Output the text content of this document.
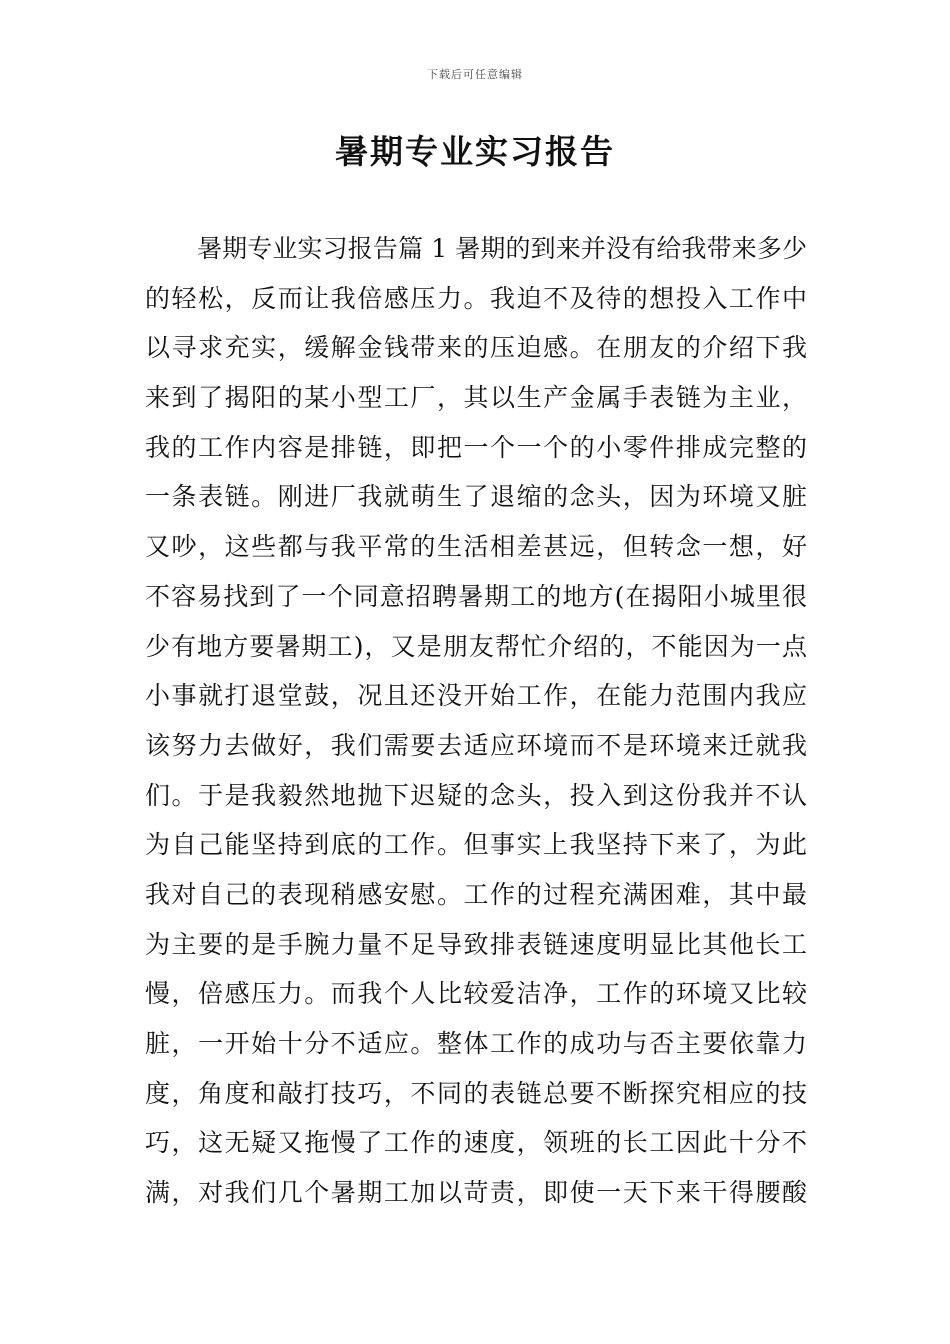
下载后可任意编辑
暑期专业实习报告
暑期专业实习报告篇 1 暑期的到来并没有给我带来多少
的轻松，反而让我倍感压力。我迫不及待的想投入工作中
以寻求充实，缓解金钱带来的压迫感。在朋友的介绍下我
来到了揭阳的某小型工厂，其以生产金属手表链为主业，
我的工作内容是排链，即把一个一个的小零件排成完整的
一条表链。刚进厂我就萌生了退缩的念头，因为环境又脏
又吵，这些都与我平常的生活相差甚远，但转念一想，好
不容易找到了一个同意招聘暑期工的地方(在揭阳小城里很
少有地方要暑期工)，又是朋友帮忙介绍的，不能因为一点
小事就打退堂鼓，况且还没开始工作，在能力范围内我应
该努力去做好，我们需要去适应环境而不是环境来迁就我
们。于是我毅然地抛下迟疑的念头，投入到这份我并不认
为自己能坚持到底的工作。但事实上我坚持下来了，为此
我对自己的表现稍感安慰。工作的过程充满困难，其中最
为主要的是手腕力量不足导致排表链速度明显比其他长工
慢，倍感压力。而我个人比较爱洁净，工作的环境又比较
脏，一开始十分不适应。整体工作的成功与否主要依靠力
度，角度和敲打技巧，不同的表链总要不断探究相应的技
巧，这无疑又拖慢了工作的速度，领班的长工因此十分不
满，对我们几个暑期工加以苛责，即使一天下来干得腰酸
